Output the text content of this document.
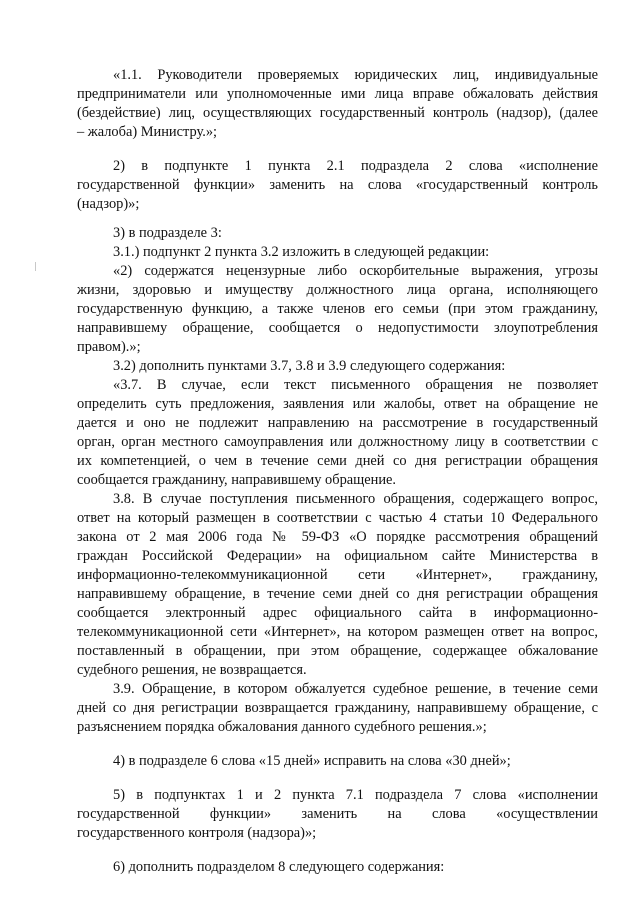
«1.1. Руководители проверяемых юридических лиц, индивидуальные

предприниматели или уполномоченные ими лица вправе обжаловать действия

(бездействие) лиц, осуществляющих государственный контроль (надзор), (далее

– жалоба) Министру.»;

2) в подпункте 1 пункта 2.1 подраздела 2 слова «исполнение

государственной функции» заменить на слова «государственный контроль

(надзор)»;

3) в подразделе 3:

3.1.) подпункт 2 пункта 3.2 изложить в следующей редакции:

«2) содержатся нецензурные либо оскорбительные выражения, угрозы

жизни, здоровью и имуществу должностного лица органа, исполняющего

государственную функцию, а также членов его семьи (при этом гражданину,

направившему обращение, сообщается о недопустимости злоупотребления

правом).»;

3.2) дополнить пунктами 3.7, 3.8 и 3.9 следующего содержания:

«3.7. В случае, если текст письменного обращения не позволяет

определить суть предложения, заявления или жалобы, ответ на обращение не

дается и оно не подлежит направлению на рассмотрение в государственный

орган, орган местного самоуправления или должностному лицу в соответствии с

их компетенцией, о чем в течение семи дней со дня регистрации обращения

сообщается гражданину, направившему обращение.

3.8. В случае поступления письменного обращения, содержащего вопрос,

ответ на который размещен в соответствии с частью 4 статьи 10 Федерального

закона от 2 мая 2006 года № 59-ФЗ «О порядке рассмотрения обращений

граждан Российской Федерации» на официальном сайте Министерства в

информационно-телекоммуникационной сети «Интернет», гражданину,

направившему обращение, в течение семи дней со дня регистрации обращения

сообщается электронный адрес официального сайта в информационно-

телекоммуникационной сети «Интернет», на котором размещен ответ на вопрос,

поставленный в обращении, при этом обращение, содержащее обжалование

судебного решения, не возвращается.

3.9. Обращение, в котором обжалуется судебное решение, в течение семи

дней со дня регистрации возвращается гражданину, направившему обращение, с

разъяснением порядка обжалования данного судебного решения.»;

4) в подразделе 6 слова «15 дней» исправить на слова «30 дней»;

5) в подпунктах 1 и 2 пункта 7.1 подраздела 7 слова «исполнении

государственной функции» заменить на слова «осуществлении

государственного контроля (надзора)»;

6) дополнить подразделом 8 следующего содержания:
